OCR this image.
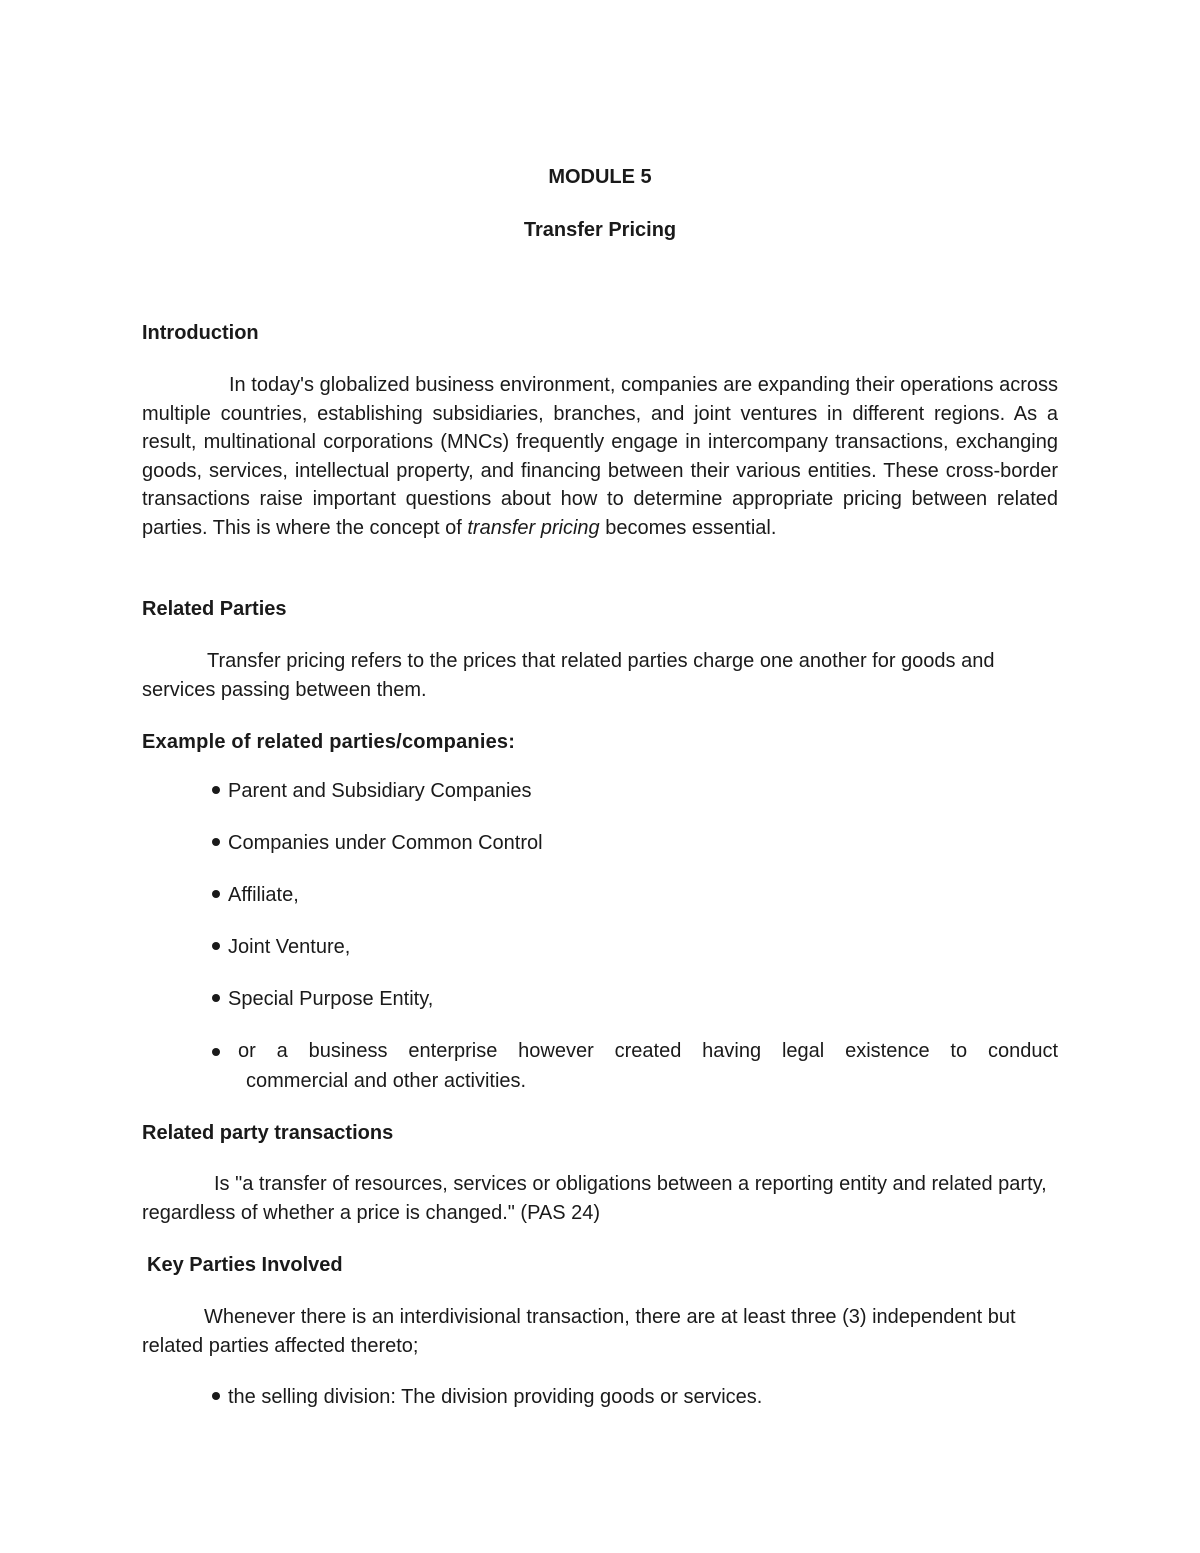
MODULE 5
Transfer Pricing
Introduction
In today's globalized business environment, companies are expanding their operations across multiple countries, establishing subsidiaries, branches, and joint ventures in different regions. As a result, multinational corporations (MNCs) frequently engage in intercompany transactions, exchanging goods, services, intellectual property, and financing between their various entities. These cross-border transactions raise important questions about how to determine appropriate pricing between related parties. This is where the concept of transfer pricing becomes essential.
Related Parties
Transfer pricing refers to the prices that related parties charge one another for goods and services passing between them.
Example of related parties/companies:
Parent and Subsidiary Companies
Companies under Common Control
Affiliate,
Joint Venture,
Special Purpose Entity,
or a business enterprise however created having legal existence to conduct
commercial and other activities.
Related party transactions
Is "a transfer of resources, services or obligations between a reporting entity and related party, regardless of whether a price is changed." (PAS 24)
Key Parties Involved
Whenever there is an interdivisional transaction, there are at least three (3) independent but related parties affected thereto;
the selling division: The division providing goods or services.
